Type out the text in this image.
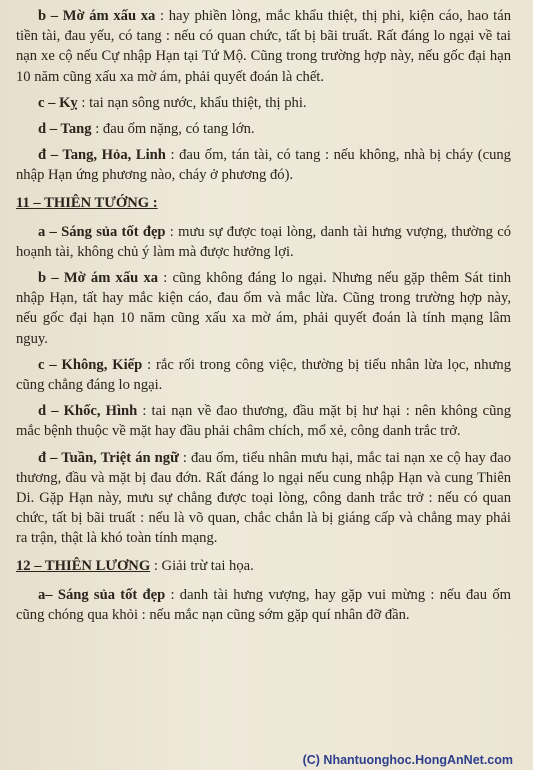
b – Mờ ám xấu xa : hay phiền lòng, mắc khẩu thiệt, thị phi, kiện cáo, hao tán tiền tài, đau yếu, có tang : nếu có quan chức, tất bị bãi truất. Rất đáng lo ngại về tai nạn xe cộ nếu Cự nhập Hạn tại Tứ Mộ. Cũng trong trường hợp này, nếu gốc đại hạn 10 năm cũng xấu xa mờ ám, phải quyết đoán là chết.

c – Kỵ : tai nạn sông nước, khẩu thiệt, thị phi.

d – Tang : đau ốm nặng, có tang lớn.

đ – Tang, Hỏa, Linh : đau ốm, tán tài, có tang : nếu không, nhà bị cháy (cung nhập Hạn ứng phương nào, cháy ở phương đó).

11 – THIÊN TƯỚNG :

a – Sáng sủa tốt đẹp : mưu sự được toại lòng, danh tài hưng vượng, thường có hoạnh tài, không chủ ý làm mà được hưởng lợi.

b – Mờ ám xấu xa : cũng không đáng lo ngại. Nhưng nếu gặp thêm Sát tinh nhập Hạn, tất hay mắc kiện cáo, đau ốm và mắc lừa. Cũng trong trường hợp này, nếu gốc đại hạn 10 năm cũng xấu xa mờ ám, phải quyết đoán là tính mạng lâm nguy.

c – Không, Kiếp : rắc rối trong công việc, thường bị tiểu nhân lừa lọc, nhưng cũng chẳng đáng lo ngại.

d – Khốc, Hình : tai nạn về đao thương, đầu mặt bị hư hại : nên không cũng mắc bệnh thuộc về mặt hay đầu phải châm chích, mổ xẻ, công danh trắc trở.

đ – Tuần, Triệt án ngữ : đau ốm, tiểu nhân mưu hại, mắc tai nạn xe cộ hay đao thương, đầu và mặt bị đau đớn. Rất đáng lo ngại nếu cung nhập Hạn và cung Thiên Di. Gặp Hạn này, mưu sự chẳng được toại lòng, công danh trắc trở : nếu có quan chức, tất bị bãi truất : nếu là võ quan, chắc chắn là bị giáng cấp và chẳng may phải ra trận, thật là khó toàn tính mạng.

12 – THIÊN LƯƠNG : Giải trừ tai họa.

a– Sáng sủa tốt đẹp : danh tài hưng vượng, hay gặp vui mừng : nếu đau ốm cũng chóng qua khỏi : nếu mắc nạn cũng sớm gặp quí nhân đỡ đần.

(C) Nhantuonghoc.HongAnNet.com
